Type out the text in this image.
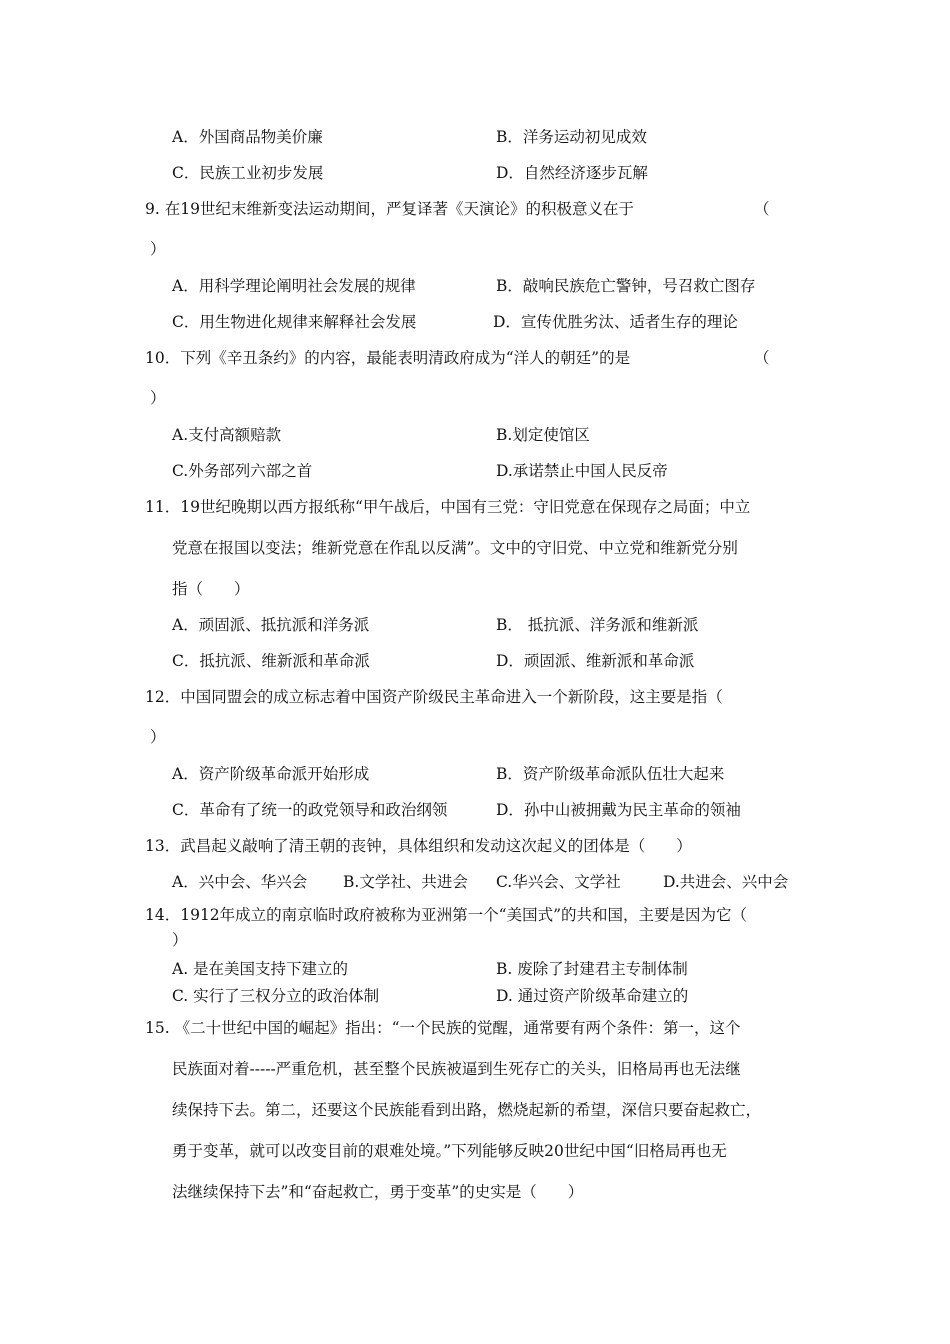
A．外国商品物美价廉	B．洋务运动初见成效
C．民族工业初步发展	D．自然经济逐步瓦解
9. 在19世纪末维新变法运动期间，严复译著《天演论》的积极意义在于	（
）
A．用科学理论阐明社会发展的规律	B．敲响民族危亡警钟，号召救亡图存
C．用生物进化规律来解释社会发展	D．宣传优胜劣汰、适者生存的理论
10．下列《辛丑条约》的内容，最能表明清政府成为“洋人的朝廷”的是	（
）
A.支付高额赔款	B.划定使馆区
C.外务部列六部之首	D.承诺禁止中国人民反帝
11．19世纪晚期以西方报纸称“甲午战后，中国有三党：守旧党意在保现存之局面；中立
党意在报国以变法；维新党意在作乱以反满”。文中的守旧党、中立党和维新党分别
指（　　）
A．顽固派、抵抗派和洋务派	B． 抵抗派、洋务派和维新派
C．抵抗派、维新派和革命派	D．顽固派、维新派和革命派
12．中国同盟会的成立标志着中国资产阶级民主革命进入一个新阶段，这主要是指（
）
A．资产阶级革命派开始形成	B．资产阶级革命派队伍壮大起来
C．革命有了统一的政党领导和政治纲领	D．孙中山被拥戴为民主革命的领袖
13．武昌起义敲响了清王朝的丧钟，具体组织和发动这次起义的团体是（　　）
A．兴中会、华兴会 B.文学社、共进会 C.华兴会、文学社	D.共进会、兴中会
14．1912年成立的南京临时政府被称为亚洲第一个“美国式”的共和国，主要是因为它（
）
A. 是在美国支持下建立的	B. 废除了封建君主专制体制
C. 实行了三权分立的政治体制	D. 通过资产阶级革命建立的
15. 《二十世纪中国的崛起》指出：“一个民族的觉醒，通常要有两个条件：第一，这个
民族面对着-----严重危机，甚至整个民族被逼到生死存亡的关头，旧格局再也无法继
续保持下去。第二，还要这个民族能看到出路，燃烧起新的希望，深信只要奋起救亡，
勇于变革，就可以改变目前的艰难处境。”下列能够反映20世纪中国“旧格局再也无
法继续保持下去”和“奋起救亡，勇于变革”的史实是（　　）
